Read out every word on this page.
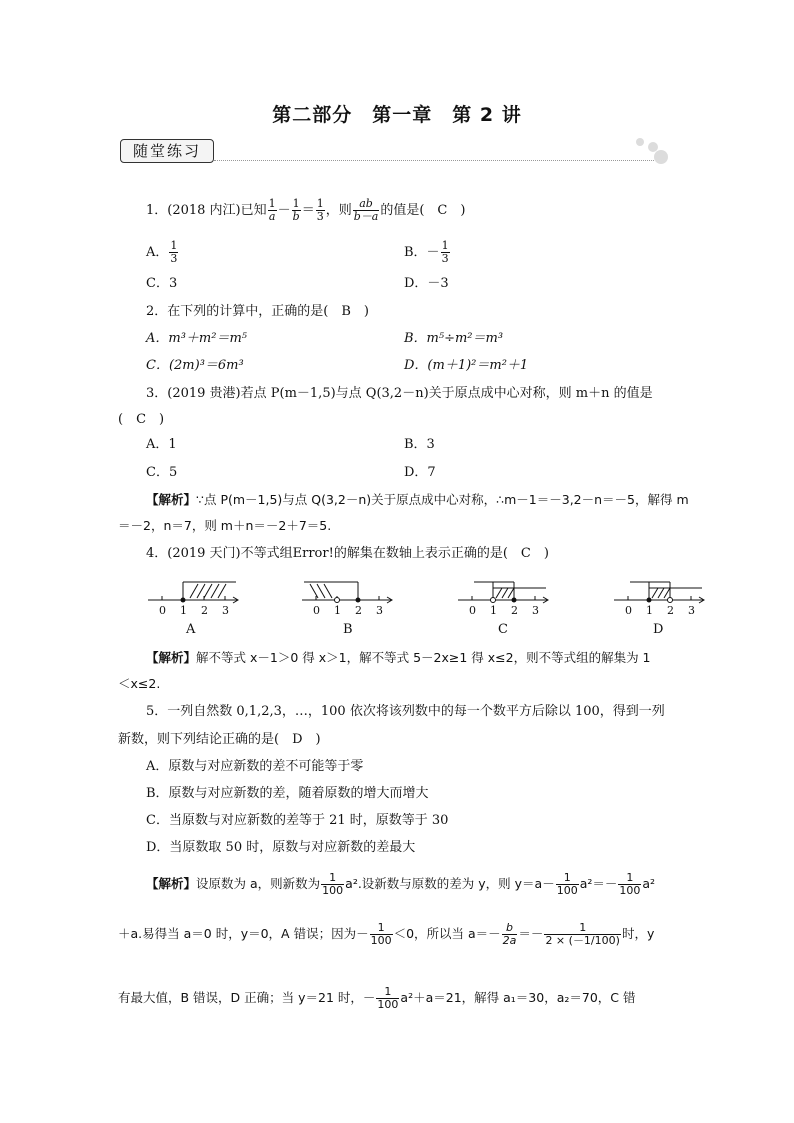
第二部分　第一章　第 2 讲
随堂练习
1．(2018 内江)已知 $\frac{1}{a} - \frac{1}{b} = \frac{1}{3}$ ，则 $\frac{ab}{b-a}$ 的值是(　C　)
A． $\frac{1}{3}$	B．－ $\frac{1}{3}$
C．3	D．－3
2．在下列的计算中，正确的是(　B　)
A．m³＋m²＝m⁵	B．m⁵÷m²＝m³
C．(2m)³＝6m³	D．(m＋1)²＝m²＋1
3．(2019 贵港)若点 P(m－1,5)与点 Q(3,2－n)关于原点成中心对称，则 m＋n 的值是
(　C　)
A．1	B．3
C．5	D．7
【解析】∵点 P(m－1,5)与点 Q(3,2－n)关于原点成中心对称，∴m－1＝－3,2－n＝－5，解得 m
＝－2，n＝7，则 m＋n＝－2＋7＝5.
4．(2019 天门)不等式组Error!的解集在数轴上表示正确的是(　C　)
0 1 2 3
A
0 1 2 3
B
0 1 2 3
C
0 1 2 3
D
【解析】解不等式 x－1＞0 得 x＞1，解不等式 5－2x≥1 得 x≤2，则不等式组的解集为 1
＜x≤2.
5．一列自然数 0,1,2,3，…，100 依次将该列数中的每一个数平方后除以 100，得到一列
新数，则下列结论正确的是(　D　)
A．原数与对应新数的差不可能等于零
B．原数与对应新数的差，随着原数的增大而增大
C．当原数与对应新数的差等于 21 时，原数等于 30
D．当原数取 50 时，原数与对应新数的差最大
【解析】设原数为 a，则新数为 $\frac{1}{100} a^2$.设新数与原数的差为 y，则 $y=a- \frac{1}{100} a^2=- \frac{1}{100} a^2$
＋a.易得当 a＝0 时，y＝0，A 错误；因为－ $\frac{1}{100} <0$，所以当 $a=- \frac{b}{2a} =- \frac{1}{2 \times (-1/100)}$ 时，y
有最大值，B 错误，D 正确；当 y＝21 时，－ $\frac{1}{100} a^2+a=21$，解得 a₁＝30，a₂＝70，C 错
